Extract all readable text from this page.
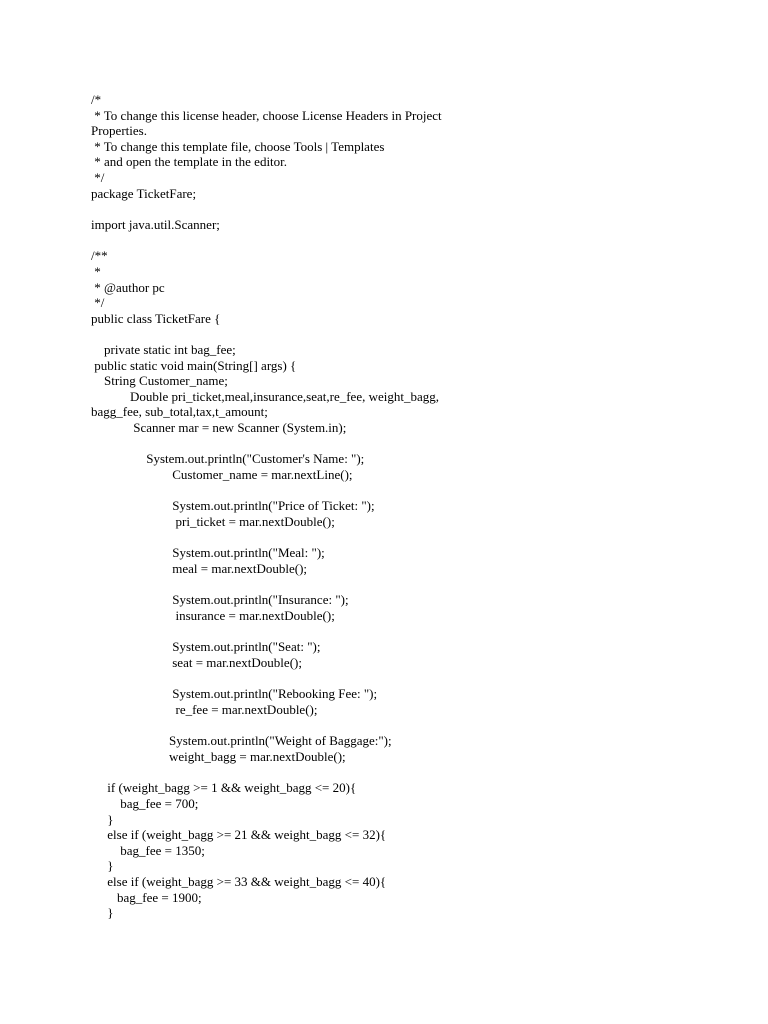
/*
* To change this license header, choose License Headers in Project
Properties.
* To change this template file, choose Tools | Templates
* and open the template in the editor.
*/
package TicketFare;
import java.util.Scanner;
/**
*
* @author pc
*/
public class TicketFare {
private static int bag_fee;
public static void main(String[] args) {
String Customer_name;
Double pri_ticket,meal,insurance,seat,re_fee, weight_bagg,
bagg_fee, sub_total,tax,t_amount;
Scanner mar = new Scanner (System.in);
System.out.println("Customer's Name: ");
Customer_name = mar.nextLine();
System.out.println("Price of Ticket: ");
pri_ticket = mar.nextDouble();
System.out.println("Meal: ");
meal = mar.nextDouble();
System.out.println("Insurance: ");
insurance = mar.nextDouble();
System.out.println("Seat: ");
seat = mar.nextDouble();
System.out.println("Rebooking Fee: ");
re_fee = mar.nextDouble();
System.out.println("Weight of Baggage:");
weight_bagg = mar.nextDouble();
if (weight_bagg >= 1 && weight_bagg <= 20){
bag_fee = 700;
}
else if (weight_bagg >= 21 && weight_bagg <= 32){
bag_fee = 1350;
}
else if (weight_bagg >= 33 && weight_bagg <= 40){
bag_fee = 1900;
}
